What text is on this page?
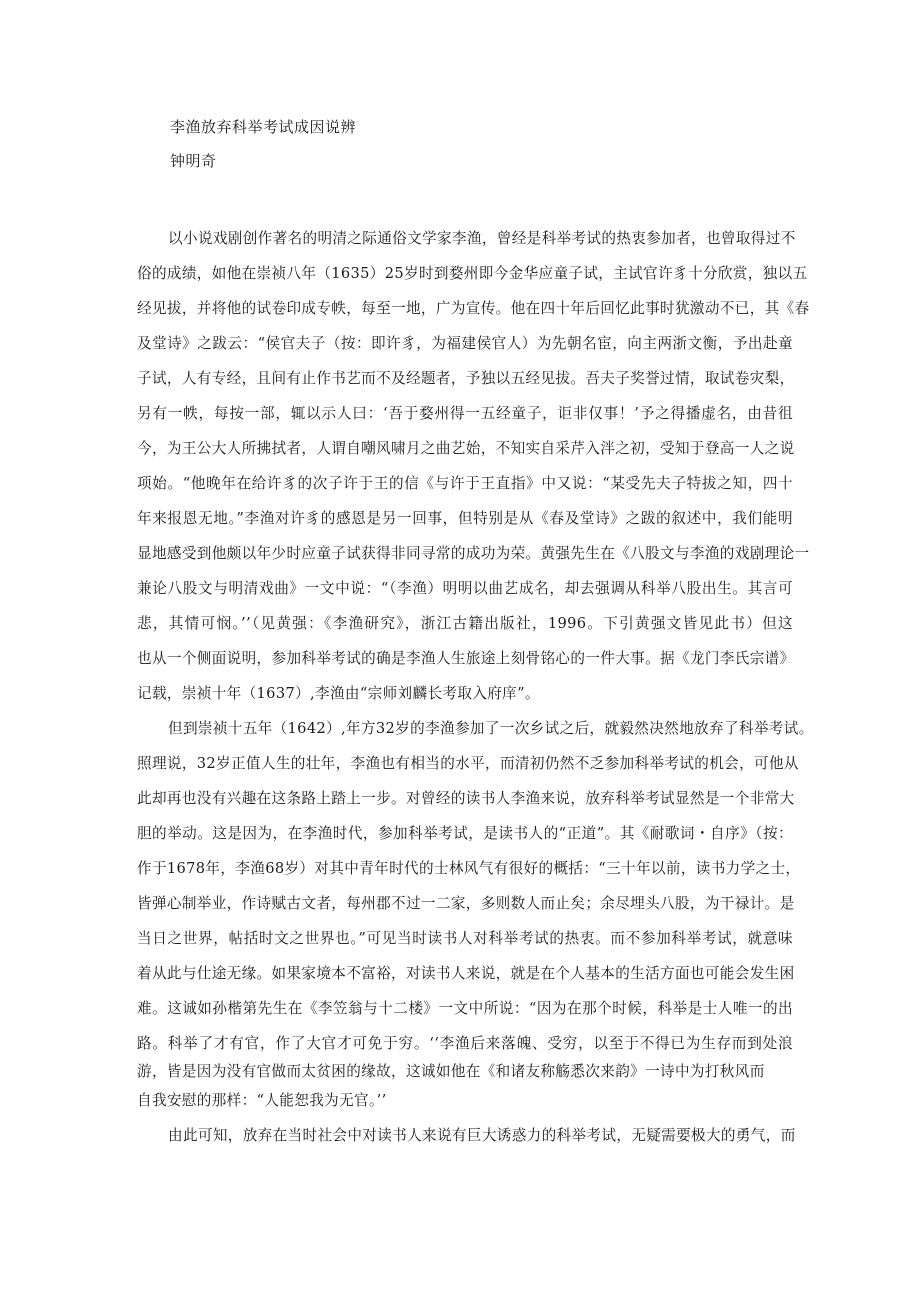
李渔放弃科举考试成因说辨
钟明奇
以小说戏剧创作著名的明清之际通俗文学家李渔，曾经是科举考试的热衷参加者，也曾取得过不
俗的成绩，如他在崇祯八年（1635）25岁时到婺州即今金华应童子试，主试官许豸十分欣赏，独以五
经见拔，并将他的试卷印成专帙，每至一地，广为宣传。他在四十年后回忆此事时犹激动不已，其《春
及堂诗》之跋云：“侯官夫子（按：即许豸，为福建侯官人）为先朝名宦，向主两浙文衡，予出赴童
子试，人有专经，且间有止作书艺而不及经题者，予独以五经见拔。吾夫子奖誉过情，取试卷灾梨，
另有一帙，每按一部，辄以示人曰：‘吾于婺州得一五经童子，讵非仅事！’予之得播虚名，由昔徂
今，为王公大人所拂拭者，人谓自嘲风啸月之曲艺始，不知实自采芹入泮之初，受知于登高一人之说
项始。“他晚年在给许豸的次子许于王的信《与许于王直指》中又说：“某受先夫子特拔之知，四十
年来报恩无地。”李渔对许豸的感恩是另一回事，但特别是从《春及堂诗》之跋的叙述中，我们能明
显地感受到他颇以年少时应童子试获得非同寻常的成功为荣。黄强先生在《八股文与李渔的戏剧理论一
兼论八股文与明清戏曲》一文中说：“（李渔）明明以曲艺成名，却去强调从科举八股出生。其言可
悲，其情可悯。’’（见黄强：《李渔研究》，浙江古籍出版社，1996。下引黄强文皆见此书）但这
也从一个侧面说明，参加科举考试的确是李渔人生旅途上刻骨铭心的一件大事。据《龙门李氏宗谱》
记载，崇祯十年（1637）,李渔由“宗师刘麟长考取入府庠”。
但到崇祯十五年（1642）,年方32岁的李渔参加了一次乡试之后，就毅然决然地放弃了科举考试。
照理说，32岁正值人生的壮年，李渔也有相当的水平，而清初仍然不乏参加科举考试的机会，可他从
此却再也没有兴趣在这条路上踏上一步。对曾经的读书人李渔来说，放弃科举考试显然是一个非常大
胆的举动。这是因为，在李渔时代，参加科举考试，是读书人的“正道”。其《耐歌词・自序》（按：
作于1678年，李渔68岁）对其中青年时代的士林风气有很好的概括：“三十年以前，读书力学之士，
皆弹心制举业，作诗赋古文者，每州郡不过一二家，多则数人而止矣；余尽埋头八股，为干禄计。是
当日之世界，帖括时文之世界也。”可见当时读书人对科举考试的热衷。而不参加科举考试，就意味
着从此与仕途无缘。如果家境本不富裕，对读书人来说，就是在个人基本的生活方面也可能会发生困
难。这诚如孙楷第先生在《李笠翁与十二楼》一文中所说：“因为在那个时候，科举是士人唯一的出
路。科举了才有官，作了大官才可免于穷。‘‘李渔后来落魄、受穷，以至于不得已为生存而到处浪
游，皆是因为没有官做而太贫困的缘故，这诚如他在《和诸友称觞悉次来韵》一诗中为打秋风而
自我安慰的那样：“人能恕我为无官。’’
由此可知，放弃在当时社会中对读书人来说有巨大诱惑力的科举考试，无疑需要极大的勇气，而
